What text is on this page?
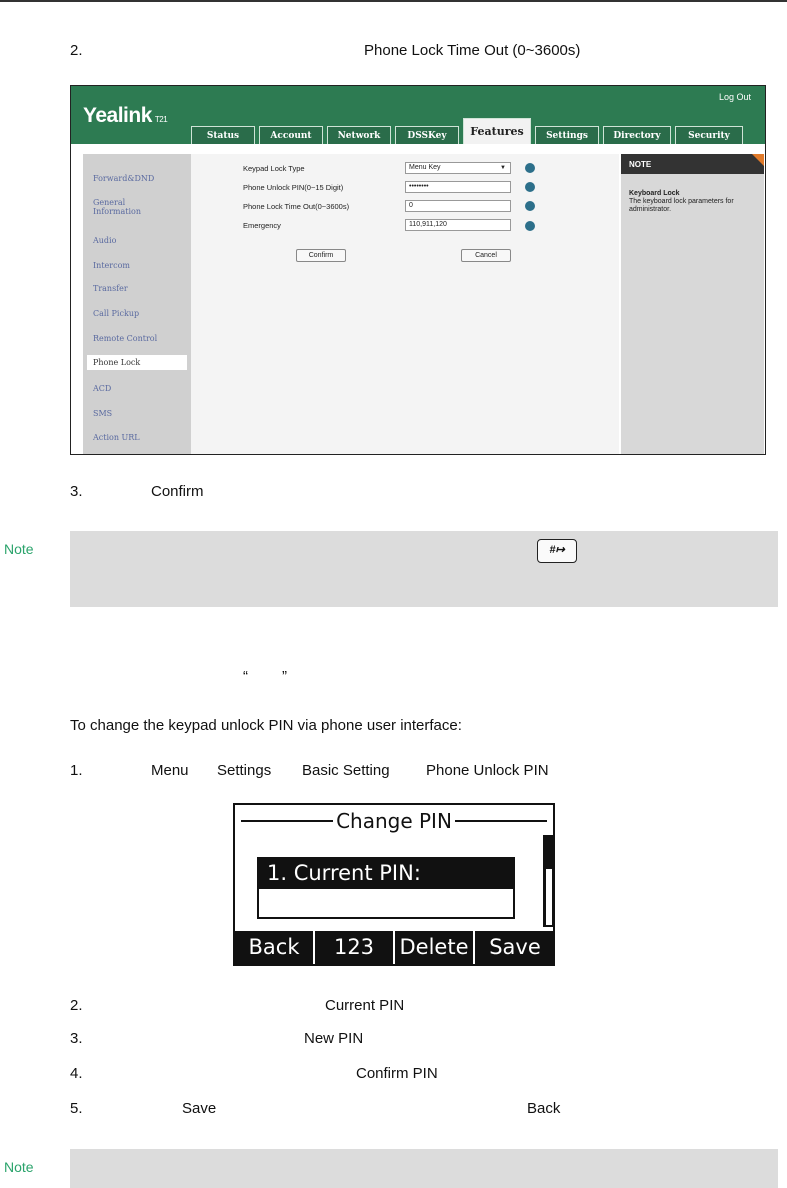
2.	Phone Lock Time Out (0~3600s)
Yealink T21
Log Out
Status	Account	Network	DSSKey	Features	Settings	Directory	Security
Forward&DND
General Information
Audio
Intercom
Transfer
Call Pickup
Remote Control
Phone Lock
ACD
SMS
Action URL
Keypad Lock Type	Menu Key	▼
Phone Unlock PIN(0~15 Digit)	••••••••
Phone Lock Time Out(0~3600s)	0
Emergency	110,911,120
Confirm	Cancel
NOTE
Keyboard Lock
The keyboard lock parameters for administrator.
3.	Confirm
Note	#↦
“ ”
To change the keypad unlock PIN via phone user interface:
1.	Menu Settings Basic Setting Phone Unlock PIN
Change PIN
1. Current PIN:
Back	123	Delete Save
2.	Current PIN
3.	New PIN
4.	Confirm PIN
5.	Save	Back
Note
